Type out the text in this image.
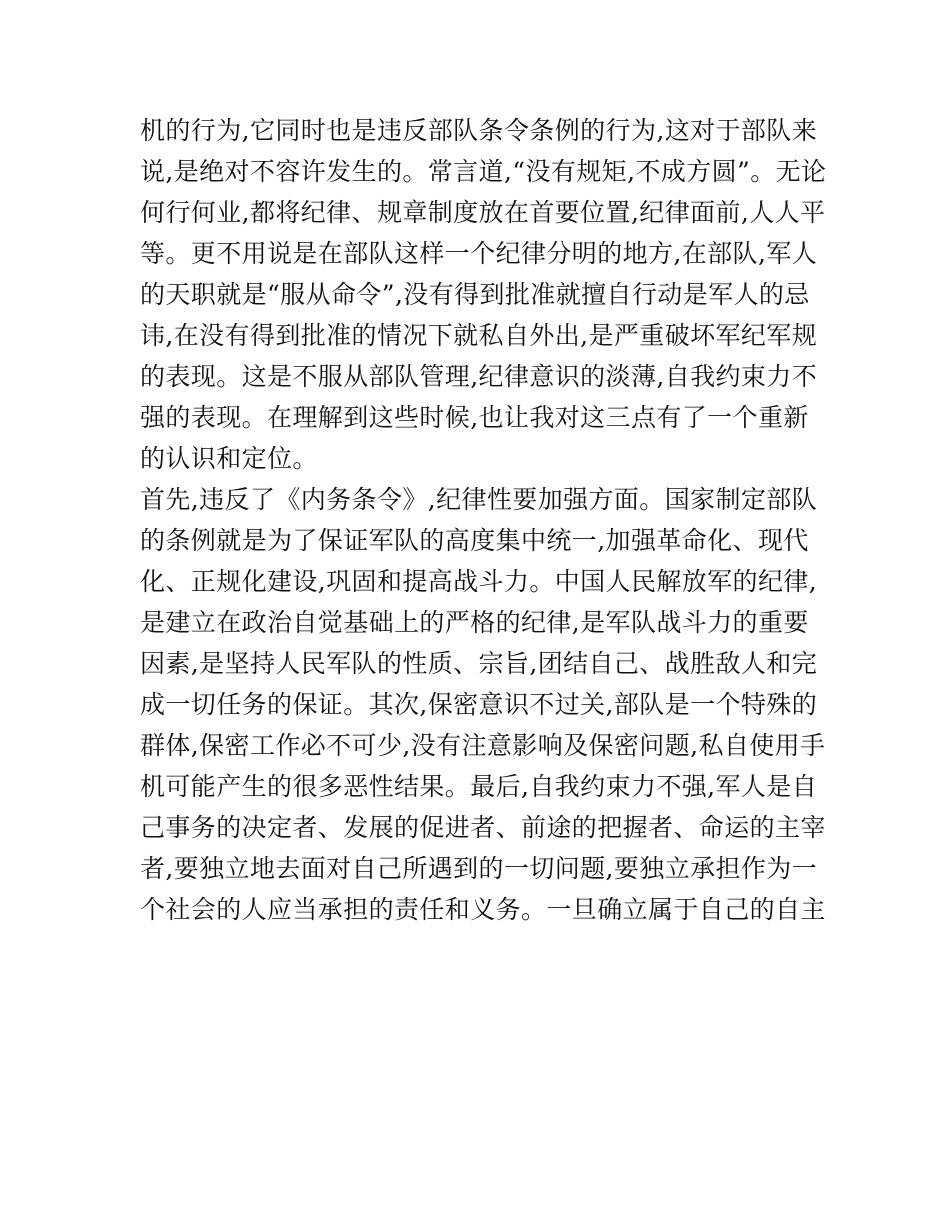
机的行为,它同时也是违反部队条令条例的行为,这对于部队来
说,是绝对不容许发生的。常言道,“没有规矩,不成方圆”。无论
何行何业,都将纪律、规章制度放在首要位置,纪律面前,人人平
等。更不用说是在部队这样一个纪律分明的地方,在部队,军人
的天职就是“服从命令”,没有得到批准就擅自行动是军人的忌
讳,在没有得到批准的情况下就私自外出,是严重破坏军纪军规
的表现。这是不服从部队管理,纪律意识的淡薄,自我约束力不
强的表现。在理解到这些时候,也让我对这三点有了一个重新
的认识和定位。
首先,违反了《内务条令》,纪律性要加强方面。国家制定部队
的条例就是为了保证军队的高度集中统一,加强革命化、现代
化、正规化建设,巩固和提高战斗力。中国人民解放军的纪律,
是建立在政治自觉基础上的严格的纪律,是军队战斗力的重要
因素,是坚持人民军队的性质、宗旨,团结自己、战胜敌人和完
成一切任务的保证。其次,保密意识不过关,部队是一个特殊的
群体,保密工作必不可少,没有注意影响及保密问题,私自使用手
机可能产生的很多恶性结果。最后,自我约束力不强,军人是自
己事务的决定者、发展的促进者、前途的把握者、命运的主宰
者,要独立地去面对自己所遇到的一切问题,要独立承担作为一
个社会的人应当承担的责任和义务。一旦确立属于自己的自主
